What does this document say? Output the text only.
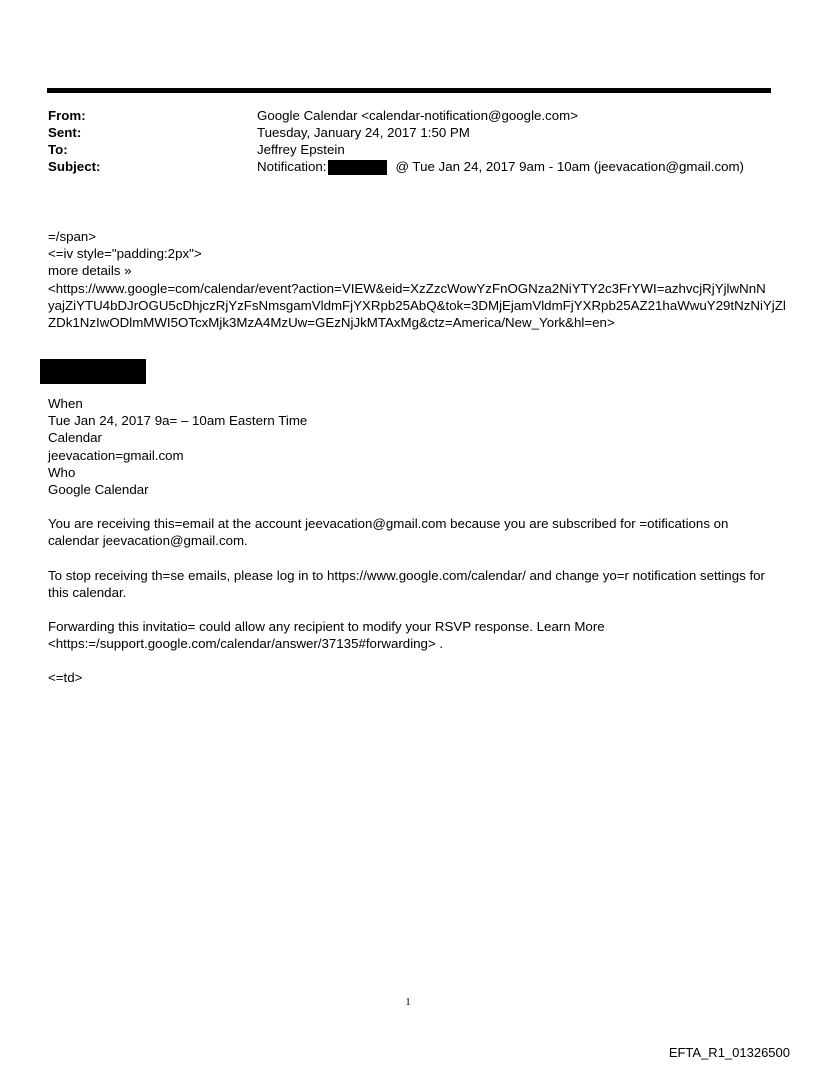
From:	Google Calendar <calendar-notification@google.com>
Sent:	Tuesday, January 24, 2017 1:50 PM
To:	Jeffrey Epstein
Subject:	Notification:	@ Tue Jan 24, 2017 9am - 10am (jeevacation@gmail.com)

=/span>

<=iv style="padding:2px">

more details »

<https://www.google=com/calendar/event?action=VIEW&eid=XzZzcWowYzFnOGNza2NiYTY2c3FrYWI=azhvcjRjYjlwNnN

yajZiYTU4bDJrOGU5cDhjczRjYzFsNmsgamVldmFjYXRpb25AbQ&tok=3DMjEjamVldmFjYXRpb25AZ21haWwuY29tNzNiYjZl

ZDk1NzIwODlmMWI5OTcxMjk3MzA4MzUw=GEzNjJkMTAxMg&ctz=America/New_York&hl=en>

When

Tue Jan 24, 2017 9a= – 10am Eastern Time

Calendar

jeevacation=gmail.com

Who

Google Calendar

You are receiving this=email at the account jeevacation@gmail.com because you are subscribed for =otifications on calendar jeevacation@gmail.com.

To stop receiving th=se emails, please log in to https://www.google.com/calendar/ and change yo=r notification settings for this calendar.

Forwarding this invitatio= could allow any recipient to modify your RSVP response. Learn More <https:=/support.google.com/calendar/answer/37135#forwarding> .

<=td>

1
EFTA_R1_01326500
